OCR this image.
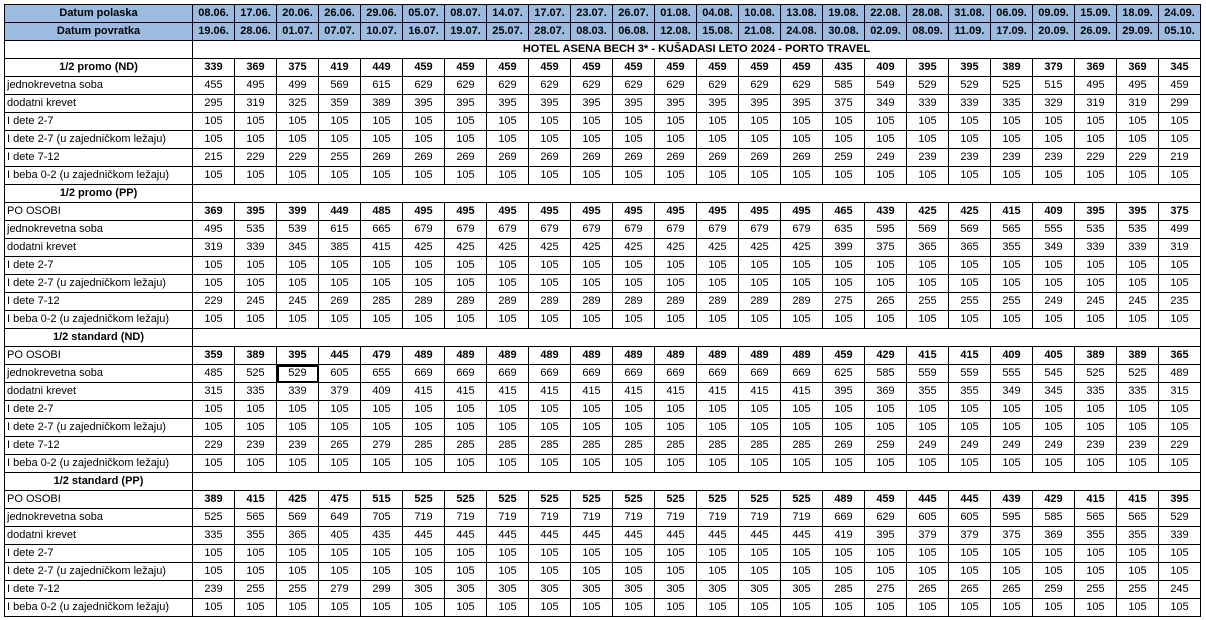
Datum polaska	08.06.	17.06.	20.06.	26.06.	29.06.	05.07.	08.07.	14.07.	17.07.	23.07.	26.07.	01.08.	04.08.	10.08.	13.08.	19.08.	22.08.	28.08.	31.08.	06.09.	09.09.	15.09.	18.09.	24.09.
Datum povratka	19.06.	28.06.	01.07.	07.07.	10.07.	16.07.	19.07.	25.07.	28.07.	08.03.	06.08.	12.08.	15.08.	21.08.	24.08.	30.08.	02.09.	08.09.	11.09.	17.09.	20.09.	26.09.	29.09.	05.10.
	HOTEL ASENA BECH 3* - KUŠADASI LETO 2024 - PORTO TRAVEL																							
1/2 promo (ND)	339	369	375	419	449	459	459	459	459	459	459	459	459	459	459	435	409	395	395	389	379	369	369	345
jednokrevetna soba	455	495	499	569	615	629	629	629	629	629	629	629	629	629	629	585	549	529	529	525	515	495	495	459
dodatni krevet	295	319	325	359	389	395	395	395	395	395	395	395	395	395	395	375	349	339	339	335	329	319	319	299
I dete 2-7	105	105	105	105	105	105	105	105	105	105	105	105	105	105	105	105	105	105	105	105	105	105	105	105
I dete 2-7 (u zajedničkom ležaju)	105	105	105	105	105	105	105	105	105	105	105	105	105	105	105	105	105	105	105	105	105	105	105	105
I dete 7-12	215	229	229	255	269	269	269	269	269	269	269	269	269	269	269	259	249	239	239	239	239	229	229	219
I beba 0-2 (u zajedničkom ležaju)	105	105	105	105	105	105	105	105	105	105	105	105	105	105	105	105	105	105	105	105	105	105	105	105
1/2 promo (PP)																								
PO OSOBI	369	395	399	449	485	495	495	495	495	495	495	495	495	495	495	465	439	425	425	415	409	395	395	375
jednokrevetna soba	495	535	539	615	665	679	679	679	679	679	679	679	679	679	679	635	595	569	569	565	555	535	535	499
dodatni krevet	319	339	345	385	415	425	425	425	425	425	425	425	425	425	425	399	375	365	365	355	349	339	339	319
I dete 2-7	105	105	105	105	105	105	105	105	105	105	105	105	105	105	105	105	105	105	105	105	105	105	105	105
I dete 2-7 (u zajedničkom ležaju)	105	105	105	105	105	105	105	105	105	105	105	105	105	105	105	105	105	105	105	105	105	105	105	105
I dete 7-12	229	245	245	269	285	289	289	289	289	289	289	289	289	289	289	275	265	255	255	255	249	245	245	235
I beba 0-2 (u zajedničkom ležaju)	105	105	105	105	105	105	105	105	105	105	105	105	105	105	105	105	105	105	105	105	105	105	105	105
1/2 standard (ND)																								
PO OSOBI	359	389	395	445	479	489	489	489	489	489	489	489	489	489	489	459	429	415	415	409	405	389	389	365
jednokrevetna soba	485	525	529	605	655	669	669	669	669	669	669	669	669	669	669	625	585	559	559	555	545	525	525	489
dodatni krevet	315	335	339	379	409	415	415	415	415	415	415	415	415	415	415	395	369	355	355	349	345	335	335	315
I dete 2-7	105	105	105	105	105	105	105	105	105	105	105	105	105	105	105	105	105	105	105	105	105	105	105	105
I dete 2-7 (u zajedničkom ležaju)	105	105	105	105	105	105	105	105	105	105	105	105	105	105	105	105	105	105	105	105	105	105	105	105
I dete 7-12	229	239	239	265	279	285	285	285	285	285	285	285	285	285	285	269	259	249	249	249	249	239	239	229
I beba 0-2 (u zajedničkom ležaju)	105	105	105	105	105	105	105	105	105	105	105	105	105	105	105	105	105	105	105	105	105	105	105	105
1/2 standard (PP)																								
PO OSOBI	389	415	425	475	515	525	525	525	525	525	525	525	525	525	525	489	459	445	445	439	429	415	415	395
jednokrevetna soba	525	565	569	649	705	719	719	719	719	719	719	719	719	719	719	669	629	605	605	595	585	565	565	529
dodatni krevet	335	355	365	405	435	445	445	445	445	445	445	445	445	445	445	419	395	379	379	375	369	355	355	339
I dete 2-7	105	105	105	105	105	105	105	105	105	105	105	105	105	105	105	105	105	105	105	105	105	105	105	105
I dete 2-7 (u zajedničkom ležaju)	105	105	105	105	105	105	105	105	105	105	105	105	105	105	105	105	105	105	105	105	105	105	105	105
I dete 7-12	239	255	255	279	299	305	305	305	305	305	305	305	305	305	305	285	275	265	265	265	259	255	255	245
I beba 0-2 (u zajedničkom ležaju)	105	105	105	105	105	105	105	105	105	105	105	105	105	105	105	105	105	105	105	105	105	105	105	105
